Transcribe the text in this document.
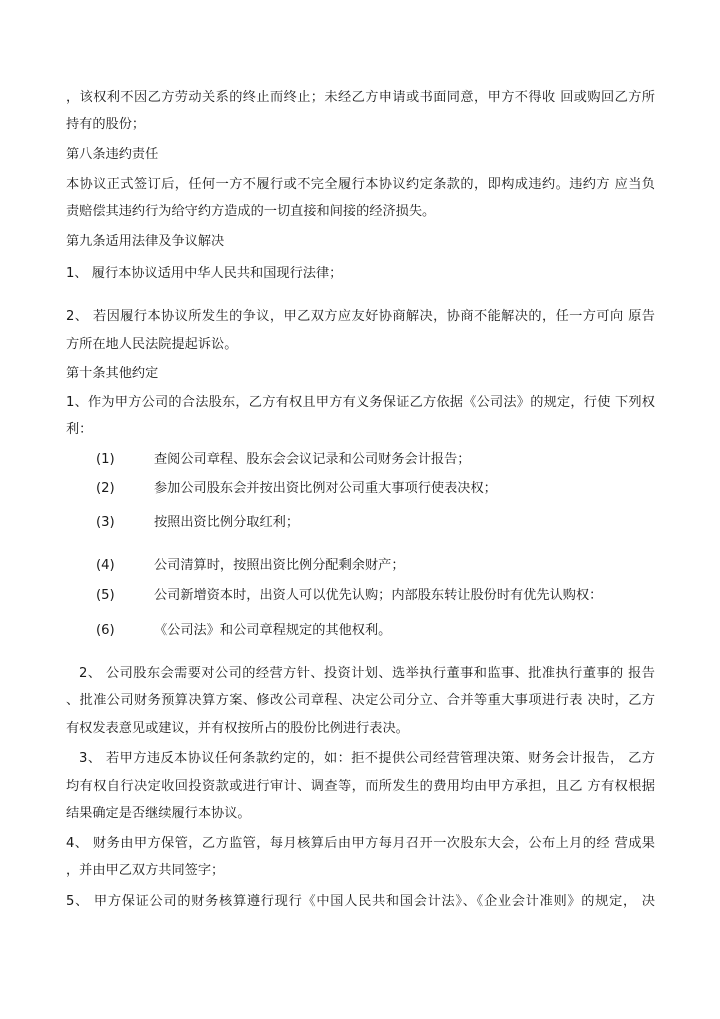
，该权利不因乙方劳动关系的终止而终止；未经乙方申请或书面同意，甲方不得收 回或购回乙方所
持有的股份；
第八条违约责任
本协议正式签订后，任何一方不履行或不完全履行本协议约定条款的，即构成违约。违约方 应当负
责赔偿其违约行为给守约方造成的一切直接和间接的经济损失。
第九条适用法律及争议解决
1、 履行本协议适用中华人民共和国现行法律；
2、 若因履行本协议所发生的争议，甲乙双方应友好协商解决，协商不能解决的，任一方可向 原告
方所在地人民法院提起诉讼。
第十条其他约定
1、作为甲方公司的合法股东，乙方有权且甲方有义务保证乙方依据《公司法》的规定，行使 下列权
利：
(1)	查阅公司章程、股东会会议记录和公司财务会计报告；
(2)	参加公司股东会并按出资比例对公司重大事项行使表决权；
(3)	按照出资比例分取红利；
(4)	公司清算时，按照出资比例分配剩余财产；
(5)	公司新增资本时，出资人可以优先认购；内部股东转让股份时有优先认购权：
(6)	《公司法》和公司章程规定的其他权利。
2、 公司股东会需要对公司的经营方针、投资计划、选举执行董事和监事、批准执行董事的 报告
、批准公司财务预算决算方案、修改公司章程、决定公司分立、合并等重大事项进行表 决时，乙方
有权发表意见或建议，并有权按所占的股份比例进行表决。
3、 若甲方违反本协议任何条款约定的，如：拒不提供公司经营管理决策、财务会计报告， 乙方
均有权自行决定收回投资款或进行审计、调查等，而所发生的费用均由甲方承担，且乙 方有权根据
结果确定是否继续履行本协议。
4、 财务由甲方保管，乙方监管，每月核算后由甲方每月召开一次股东大会，公布上月的经 营成果
，并由甲乙双方共同签字；
5、 甲方保证公司的财务核算遵行现行《中国人民共和国会计法》、《企业会计准则》的规定， 决
